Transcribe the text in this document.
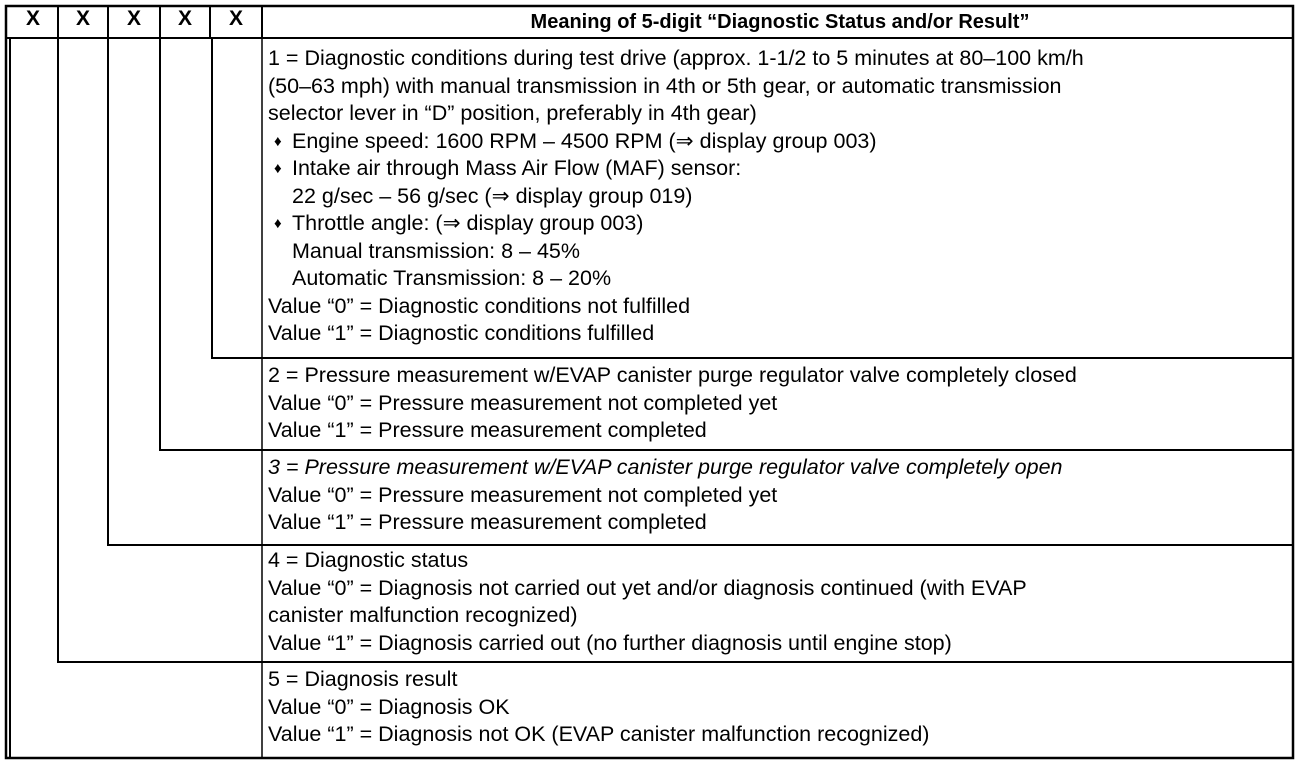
X	X	X	X	X	Meaning of 5-digit “Diagnostic Status and/or Result”
1 = Diagnostic conditions during test drive (approx. 1-1/2 to 5 minutes at 80–100 km/h
(50–63 mph) with manual transmission in 4th or 5th gear, or automatic transmission
selector lever in “D” position, preferably in 4th gear)
♦ Engine speed: 1600 RPM – 4500 RPM (⇒ display group 003)
♦ Intake air through Mass Air Flow (MAF) sensor:
22 g/sec – 56 g/sec (⇒ display group 019)
♦ Throttle angle: (⇒ display group 003)
Manual transmission: 8 – 45%
Automatic Transmission: 8 – 20%
Value “0” = Diagnostic conditions not fulfilled
Value “1” = Diagnostic conditions fulfilled
2 = Pressure measurement w/EVAP canister purge regulator valve completely closed
Value “0” = Pressure measurement not completed yet
Value “1” = Pressure measurement completed
3 = Pressure measurement w/EVAP canister purge regulator valve completely open
Value “0” = Pressure measurement not completed yet
Value “1” = Pressure measurement completed
4 = Diagnostic status
Value “0” = Diagnosis not carried out yet and/or diagnosis continued (with EVAP
canister malfunction recognized)
Value “1” = Diagnosis carried out (no further diagnosis until engine stop)
5 = Diagnosis result
Value “0” = Diagnosis OK
Value “1” = Diagnosis not OK (EVAP canister malfunction recognized)
